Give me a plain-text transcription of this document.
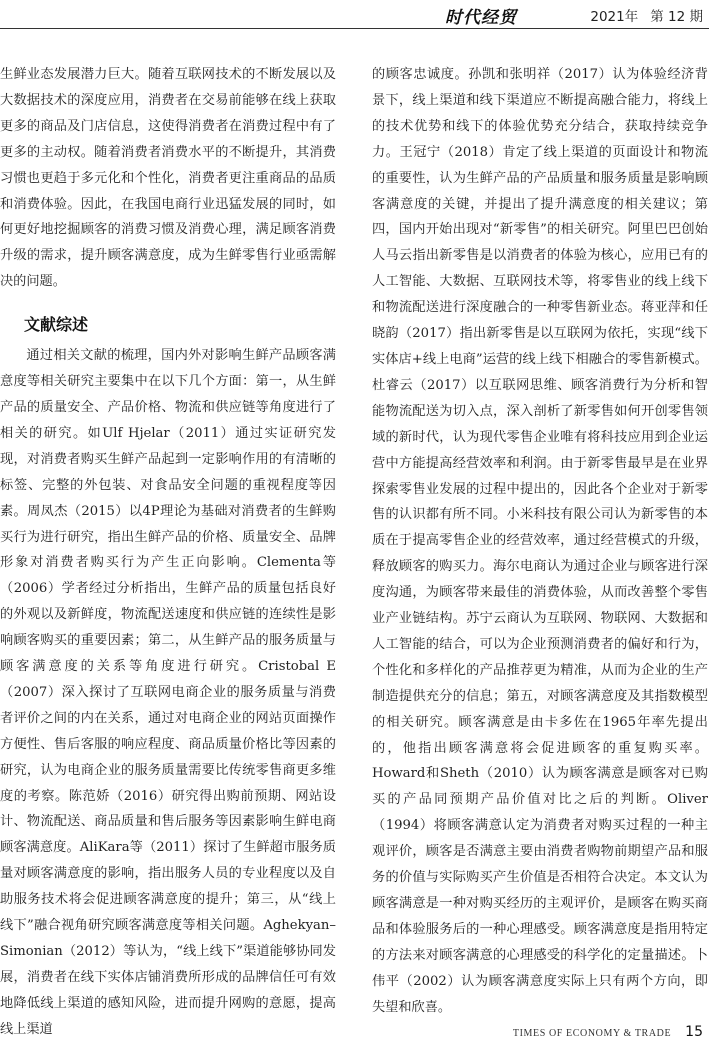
时代经贸	2021年 第 12 期

生鲜业态发展潜力巨大。随着互联网技术的不断发展以及大数据技术的深度应用，消费者在交易前能够在线上获取更多的商品及门店信息，这使得消费者在消费过程中有了更多的主动权。随着消费者消费水平的不断提升，其消费习惯也更趋于多元化和个性化，消费者更注重商品的品质和消费体验。因此，在我国电商行业迅猛发展的同时，如何更好地挖掘顾客的消费习惯及消费心理，满足顾客消费升级的需求，提升顾客满意度，成为生鲜零售行业亟需解决的问题。

文献综述

通过相关文献的梳理，国内外对影响生鲜产品顾客满意度等相关研究主要集中在以下几个方面：第一，从生鲜产品的质量安全、产品价格、物流和供应链等角度进行了相关的研究。如Ulf Hjelar（2011）通过实证研究发现，对消费者购买生鲜产品起到一定影响作用的有清晰的标签、完整的外包装、对食品安全问题的重视程度等因素。周凤杰（2015）以4P理论为基础对消费者的生鲜购买行为进行研究，指出生鲜产品的价格、质量安全、品牌形象对消费者购买行为产生正向影响。Clementa等（2006）学者经过分析指出，生鲜产品的质量包括良好的外观以及新鲜度，物流配送速度和供应链的连续性是影响顾客购买的重要因素；第二，从生鲜产品的服务质量与顾客满意度的关系等角度进行研究。Cristobal E（2007）深入探讨了互联网电商企业的服务质量与消费者评价之间的内在关系，通过对电商企业的网站页面操作方便性、售后客服的响应程度、商品质量价格比等因素的研究，认为电商企业的服务质量需要比传统零售商更多维度的考察。陈范娇（2016）研究得出购前预期、网站设计、物流配送、商品质量和售后服务等因素影响生鲜电商顾客满意度。AliKara等（2011）探讨了生鲜超市服务质量对顾客满意度的影响，指出服务人员的专业程度以及自助服务技术将会促进顾客满意度的提升；第三，从“线上线下”融合视角研究顾客满意度等相关问题。Aghekyan–Simonian（2012）等认为，“线上线下”渠道能够协同发展，消费者在线下实体店铺消费所形成的品牌信任可有效地降低线上渠道的感知风险，进而提升网购的意愿，提高线上渠道

的顾客忠诚度。孙凯和张明祥（2017）认为体验经济背景下，线上渠道和线下渠道应不断提高融合能力，将线上的技术优势和线下的体验优势充分结合，获取持续竞争力。王冠宁（2018）肯定了线上渠道的页面设计和物流的重要性，认为生鲜产品的产品质量和服务质量是影响顾客满意度的关键，并提出了提升满意度的相关建议；第四，国内开始出现对“新零售”的相关研究。阿里巴巴创始人马云指出新零售是以消费者的体验为核心，应用已有的人工智能、大数据、互联网技术等，将零售业的线上线下和物流配送进行深度融合的一种零售新业态。蒋亚萍和任晓韵（2017）指出新零售是以互联网为依托，实现“线下实体店+线上电商”运营的线上线下相融合的零售新模式。杜睿云（2017）以互联网思维、顾客消费行为分析和智能物流配送为切入点，深入剖析了新零售如何开创零售领域的新时代，认为现代零售企业唯有将科技应用到企业运营中方能提高经营效率和利润。由于新零售最早是在业界探索零售业发展的过程中提出的，因此各个企业对于新零售的认识都有所不同。小米科技有限公司认为新零售的本质在于提高零售企业的经营效率，通过经营模式的升级，释放顾客的购买力。海尔电商认为通过企业与顾客进行深度沟通，为顾客带来最佳的消费体验，从而改善整个零售业产业链结构。苏宁云商认为互联网、物联网、大数据和人工智能的结合，可以为企业预测消费者的偏好和行为，个性化和多样化的产品推荐更为精准，从而为企业的生产制造提供充分的信息；第五，对顾客满意度及其指数模型的相关研究。顾客满意是由卡多佐在1965年率先提出的，他指出顾客满意将会促进顾客的重复购买率。Howard和Sheth（2010）认为顾客满意是顾客对已购买的产品同预期产品价值对比之后的判断。Oliver（1994）将顾客满意认定为消费者对购买过程的一种主观评价，顾客是否满意主要由消费者购物前期望产品和服务的价值与实际购买产生价值是否相符合决定。本文认为顾客满意是一种对购买经历的主观评价，是顾客在购买商品和体验服务后的一种心理感受。顾客满意度是指用特定的方法来对顾客满意的心理感受的科学化的定量描述。卜伟平（2002）认为顾客满意度实际上只有两个方向，即失望和欣喜。

TIMES OF ECONOMY & TRADE 15
